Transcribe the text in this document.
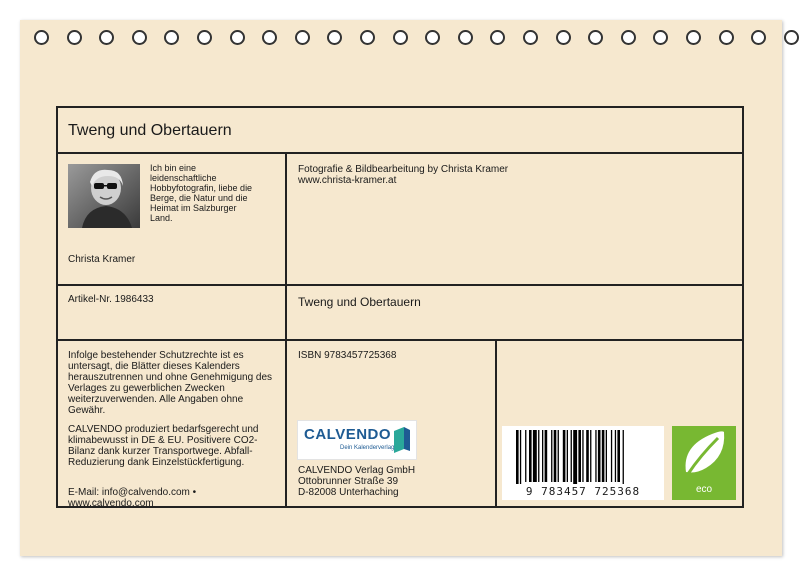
Tweng und Obertauern
Ich bin eine leidenschaftliche Hobbyfotografin, liebe die Berge, die Natur und die Heimat im Salzburger Land.
Christa Kramer
Fotografie & Bildbearbeitung by Christa Kramer
www.christa-kramer.at
Artikel-Nr. 1986433	Tweng und Obertauern
Infolge bestehender Schutzrechte ist es untersagt, die Blätter dieses Kalenders herauszutrennen und ohne Genehmigung des Verlages zu gewerblichen Zwecken weiterzuverwenden. Alle Angaben ohne Gewähr.
CALVENDO produziert bedarfsgerecht und klimabewusst in DE & EU. Positivere CO2-Bilanz dank kurzer Transportwege. Abfall-Reduzierung dank Einzelstückfertigung.
E-Mail: info@calvendo.com •
www.calvendo.com
ISBN 9783457725368
CALVENDO
Dein Kalenderverlag
CALVENDO Verlag GmbH
Ottobrunner Straße 39
D-82008 Unterhaching	9 783457 725368	eco
